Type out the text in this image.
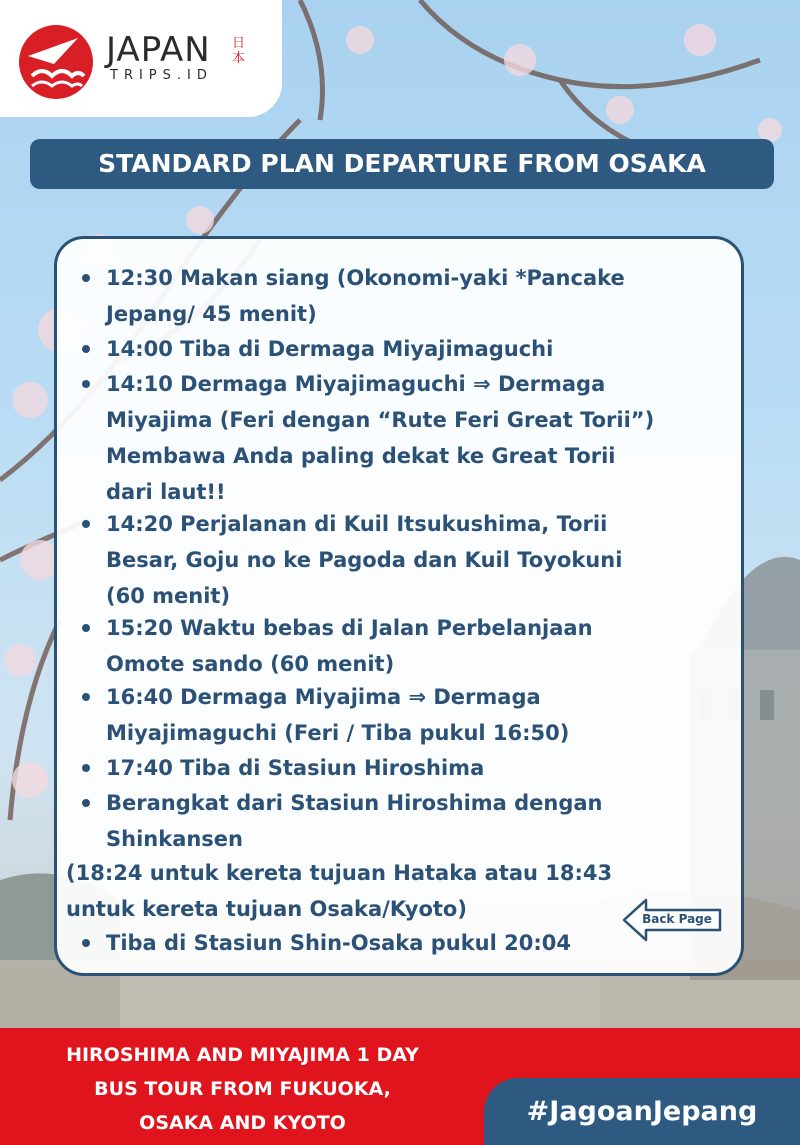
JAPAN 日本
TRIPS.ID
STANDARD PLAN DEPARTURE FROM OSAKA
12:30 Makan siang (Okonomi-yaki *Pancake
Jepang/ 45 menit)
14:00 Tiba di Dermaga Miyajimaguchi
14:10 Dermaga Miyajimaguchi ⇒ Dermaga
Miyajima (Feri dengan “Rute Feri Great Torii”)
Membawa Anda paling dekat ke Great Torii
dari laut!!
14:20 Perjalanan di Kuil Itsukushima, Torii
Besar, Goju no ke Pagoda dan Kuil Toyokuni
(60 menit)
15:20 Waktu bebas di Jalan Perbelanjaan
Omote sando (60 menit)
16:40 Dermaga Miyajima ⇒ Dermaga
Miyajimaguchi (Feri / Tiba pukul 16:50)
17:40 Tiba di Stasiun Hiroshima
Berangkat dari Stasiun Hiroshima dengan
Shinkansen
(18:24 untuk kereta tujuan Hataka atau 18:43
untuk kereta tujuan Osaka/Kyoto)
Tiba di Stasiun Shin-Osaka pukul 20:04
Back Page
HIROSHIMA AND MIYAJIMA 1 DAY
BUS TOUR FROM FUKUOKA,
OSAKA AND KYOTO	#JagoanJepang
